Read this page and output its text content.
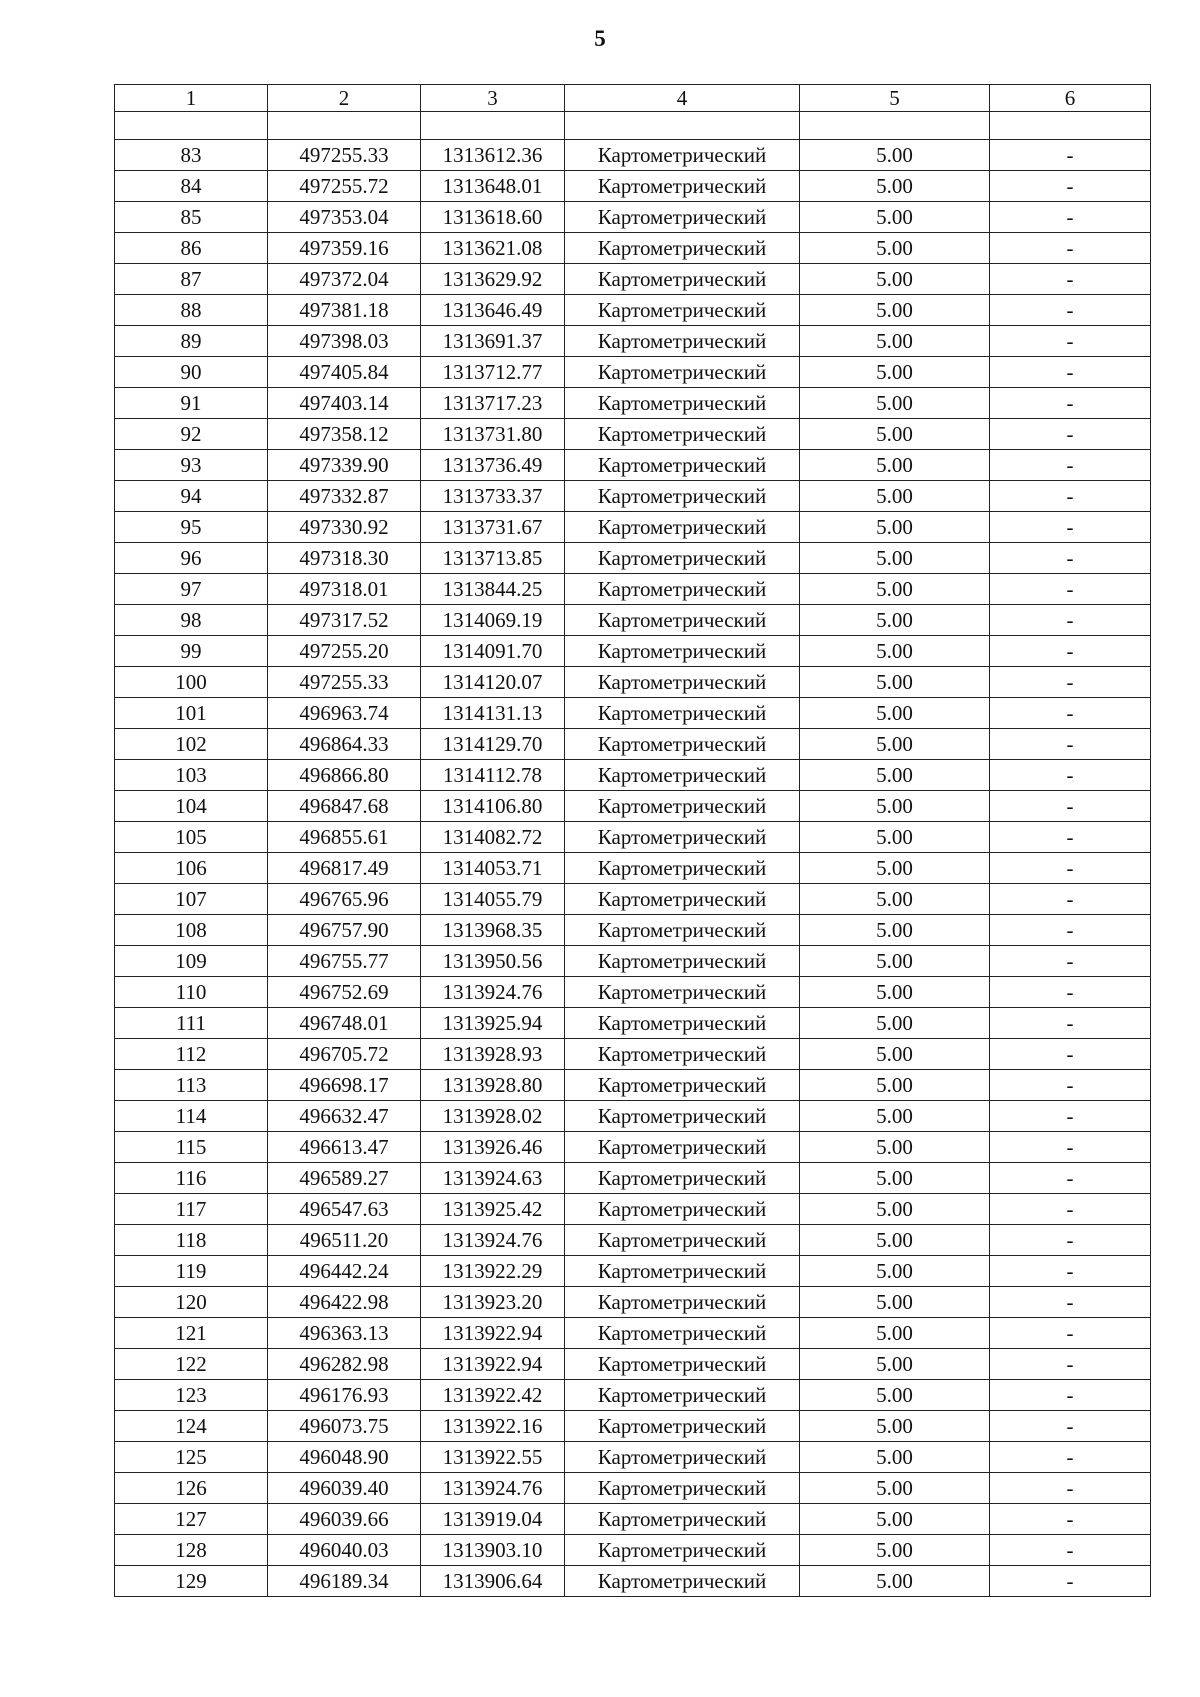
5
1	2	3	4	5	6

83	497255.33	1313612.36	Картометрический	5.00	-
84	497255.72	1313648.01	Картометрический	5.00	-
85	497353.04	1313618.60	Картометрический	5.00	-
86	497359.16	1313621.08	Картометрический	5.00	-
87	497372.04	1313629.92	Картометрический	5.00	-
88	497381.18	1313646.49	Картометрический	5.00	-
89	497398.03	1313691.37	Картометрический	5.00	-
90	497405.84	1313712.77	Картометрический	5.00	-
91	497403.14	1313717.23	Картометрический	5.00	-
92	497358.12	1313731.80	Картометрический	5.00	-
93	497339.90	1313736.49	Картометрический	5.00	-
94	497332.87	1313733.37	Картометрический	5.00	-
95	497330.92	1313731.67	Картометрический	5.00	-
96	497318.30	1313713.85	Картометрический	5.00	-
97	497318.01	1313844.25	Картометрический	5.00	-
98	497317.52	1314069.19	Картометрический	5.00	-
99	497255.20	1314091.70	Картометрический	5.00	-
100	497255.33	1314120.07	Картометрический	5.00	-
101	496963.74	1314131.13	Картометрический	5.00	-
102	496864.33	1314129.70	Картометрический	5.00	-
103	496866.80	1314112.78	Картометрический	5.00	-
104	496847.68	1314106.80	Картометрический	5.00	-
105	496855.61	1314082.72	Картометрический	5.00	-
106	496817.49	1314053.71	Картометрический	5.00	-
107	496765.96	1314055.79	Картометрический	5.00	-
108	496757.90	1313968.35	Картометрический	5.00	-
109	496755.77	1313950.56	Картометрический	5.00	-
110	496752.69	1313924.76	Картометрический	5.00	-
111	496748.01	1313925.94	Картометрический	5.00	-
112	496705.72	1313928.93	Картометрический	5.00	-
113	496698.17	1313928.80	Картометрический	5.00	-
114	496632.47	1313928.02	Картометрический	5.00	-
115	496613.47	1313926.46	Картометрический	5.00	-
116	496589.27	1313924.63	Картометрический	5.00	-
117	496547.63	1313925.42	Картометрический	5.00	-
118	496511.20	1313924.76	Картометрический	5.00	-
119	496442.24	1313922.29	Картометрический	5.00	-
120	496422.98	1313923.20	Картометрический	5.00	-
121	496363.13	1313922.94	Картометрический	5.00	-
122	496282.98	1313922.94	Картометрический	5.00	-
123	496176.93	1313922.42	Картометрический	5.00	-
124	496073.75	1313922.16	Картометрический	5.00	-
125	496048.90	1313922.55	Картометрический	5.00	-
126	496039.40	1313924.76	Картометрический	5.00	-
127	496039.66	1313919.04	Картометрический	5.00	-
128	496040.03	1313903.10	Картометрический	5.00	-
129	496189.34	1313906.64	Картометрический	5.00	-
